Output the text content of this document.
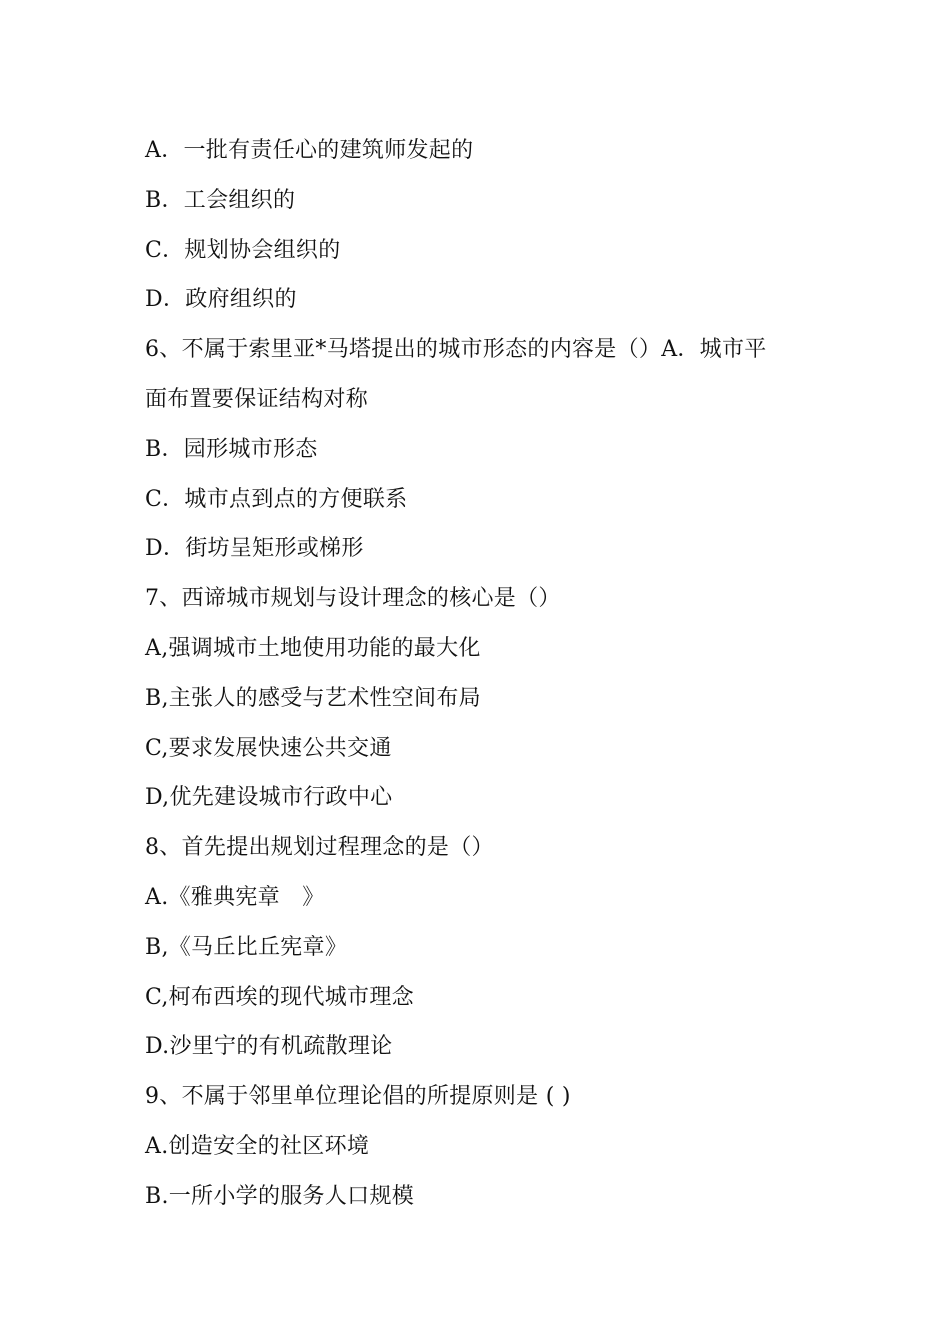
A．一批有责任心的建筑师发起的
B．工会组织的
C．规划协会组织的
D．政府组织的
6、不属于索里亚*马塔提出的城市形态的内容是（）A．城市平
面布置要保证结构对称
B．园形城市形态
C．城市点到点的方便联系
D．街坊呈矩形或梯形
7、西谛城市规划与设计理念的核心是（）
A,强调城市土地使用功能的最大化
B,主张人的感受与艺术性空间布局
C,要求发展快速公共交通
D,优先建设城市行政中心
8、首先提出规划过程理念的是（）
A.《雅典宪章　》
B,《马丘比丘宪章》
C,柯布西埃的现代城市理念
D.沙里宁的有机疏散理论
9、不属于邻里单位理论倡的所提原则是 ( )
A.创造安全的社区环境
B.一所小学的服务人口规模
